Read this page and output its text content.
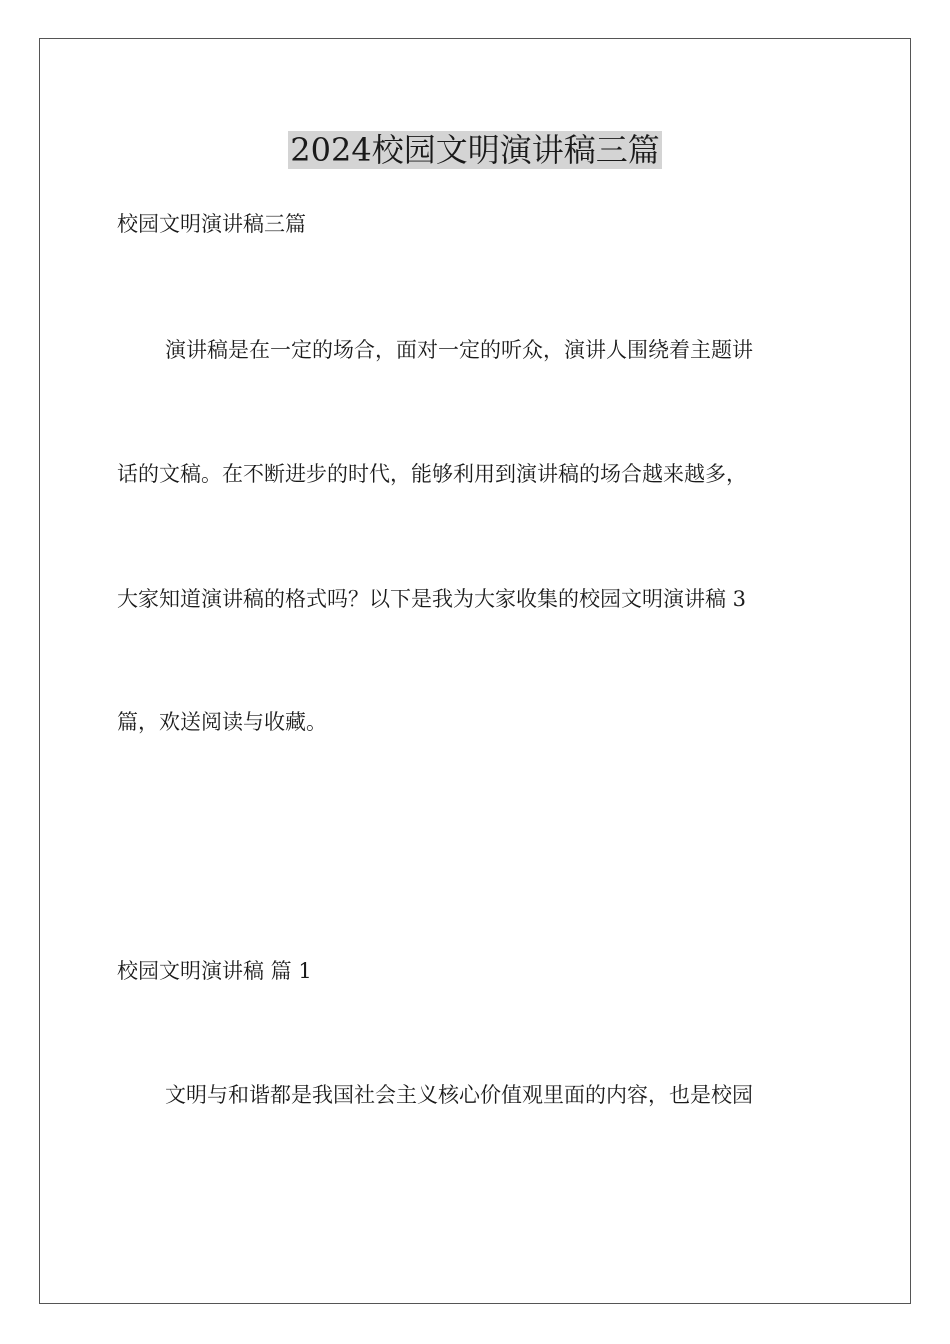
2024校园文明演讲稿三篇

校园文明演讲稿三篇

演讲稿是在一定的场合，面对一定的听众，演讲人围绕着主题讲

话的文稿。在不断进步的时代，能够利用到演讲稿的场合越来越多，

大家知道演讲稿的格式吗？以下是我为大家收集的校园文明演讲稿 3

篇，欢送阅读与收藏。

校园文明演讲稿 篇 1

文明与和谐都是我国社会主义核心价值观里面的内容，也是校园
